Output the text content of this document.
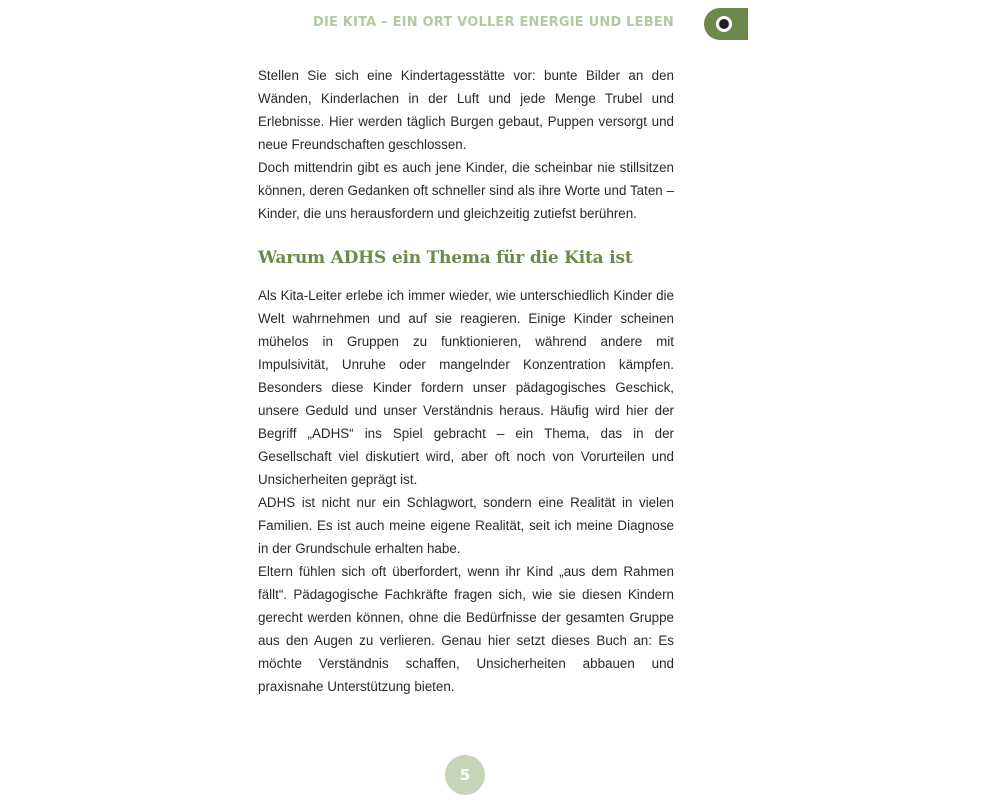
DIE KITA – EIN ORT VOLLER ENERGIE UND LEBEN

Stellen Sie sich eine Kindertagesstätte vor: bunte Bilder an den Wänden, Kinderlachen in der Luft und jede Menge Trubel und Erlebnisse. Hier werden täglich Burgen gebaut, Puppen versorgt und neue Freundschaften geschlossen.

Doch mittendrin gibt es auch jene Kinder, die scheinbar nie stillsitzen können, deren Gedanken oft schneller sind als ihre Worte und Taten – Kinder, die uns herausfordern und gleichzeitig zutiefst berühren.

Warum ADHS ein Thema für die Kita ist

Als Kita-Leiter erlebe ich immer wieder, wie unterschiedlich Kinder die Welt wahrnehmen und auf sie reagieren. Einige Kinder scheinen mühelos in Gruppen zu funktionieren, während andere mit Impulsivität, Unruhe oder mangelnder Konzentration kämpfen. Besonders diese Kinder fordern unser pädagogisches Geschick, unsere Geduld und unser Verständnis heraus. Häufig wird hier der Begriff „ADHS“ ins Spiel gebracht – ein Thema, das in der Gesellschaft viel diskutiert wird, aber oft noch von Vorurteilen und Unsicherheiten geprägt ist.

ADHS ist nicht nur ein Schlagwort, sondern eine Realität in vielen Familien. Es ist auch meine eigene Realität, seit ich meine Diagnose in der Grundschule erhalten habe.

Eltern fühlen sich oft überfordert, wenn ihr Kind „aus dem Rahmen fällt“. Pädagogische Fachkräfte fragen sich, wie sie diesen Kindern gerecht werden können, ohne die Bedürfnisse der gesamten Gruppe aus den Augen zu verlieren. Genau hier setzt dieses Buch an: Es möchte Verständnis schaffen, Unsicherheiten abbauen und praxisnahe Unterstützung bieten.

5
